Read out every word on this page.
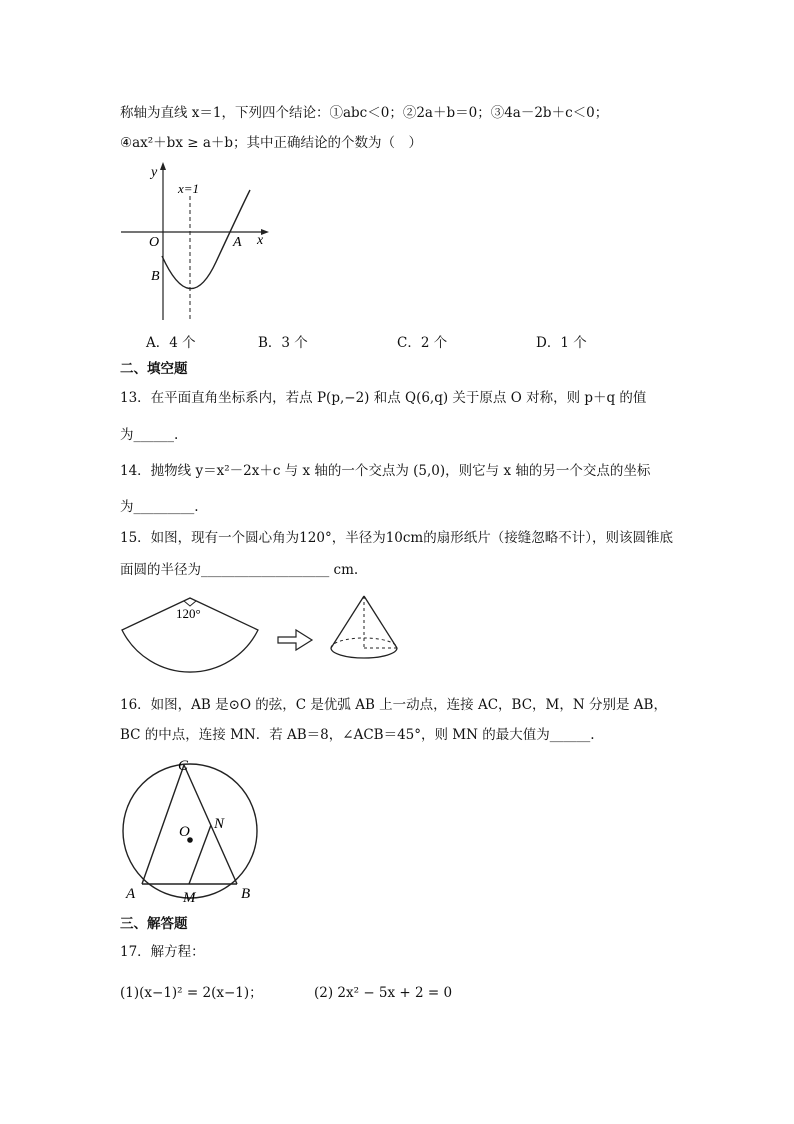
称轴为直线 x＝1，下列四个结论：①abc＜0；②2a＋b＝0；③4a－2b＋c＜0；
④ax²＋bx ≥ a＋b；其中正确结论的个数为（　）
y
x
x=1
O	A
B
A．4 个	B．3 个	C．2 个	D．1 个
二、填空题
13．在平面直角坐标系内，若点 P(p,−2) 和点 Q(6,q) 关于原点 O 对称，则 p＋q 的值
为______.
14．抛物线 y＝x²－2x＋c 与 x 轴的一个交点为 (5,0)，则它与 x 轴的另一个交点的坐标
为_________.
15．如图，现有一个圆心角为120°，半径为10cm的扇形纸片（接缝忽略不计），则该圆锥底
面圆的半径为___________________ cm.
120°
16．如图，AB 是⊙O 的弦，C 是优弧 AB 上一动点，连接 AC，BC，M，N 分别是 AB，
BC 的中点，连接 MN．若 AB＝8，∠ACB＝45°，则 MN 的最大值为______.
C
O N
A	M	B
三、解答题
17．解方程：
(1)(x−1)² = 2(x−1)；	(2) 2x² − 5x + 2 = 0
